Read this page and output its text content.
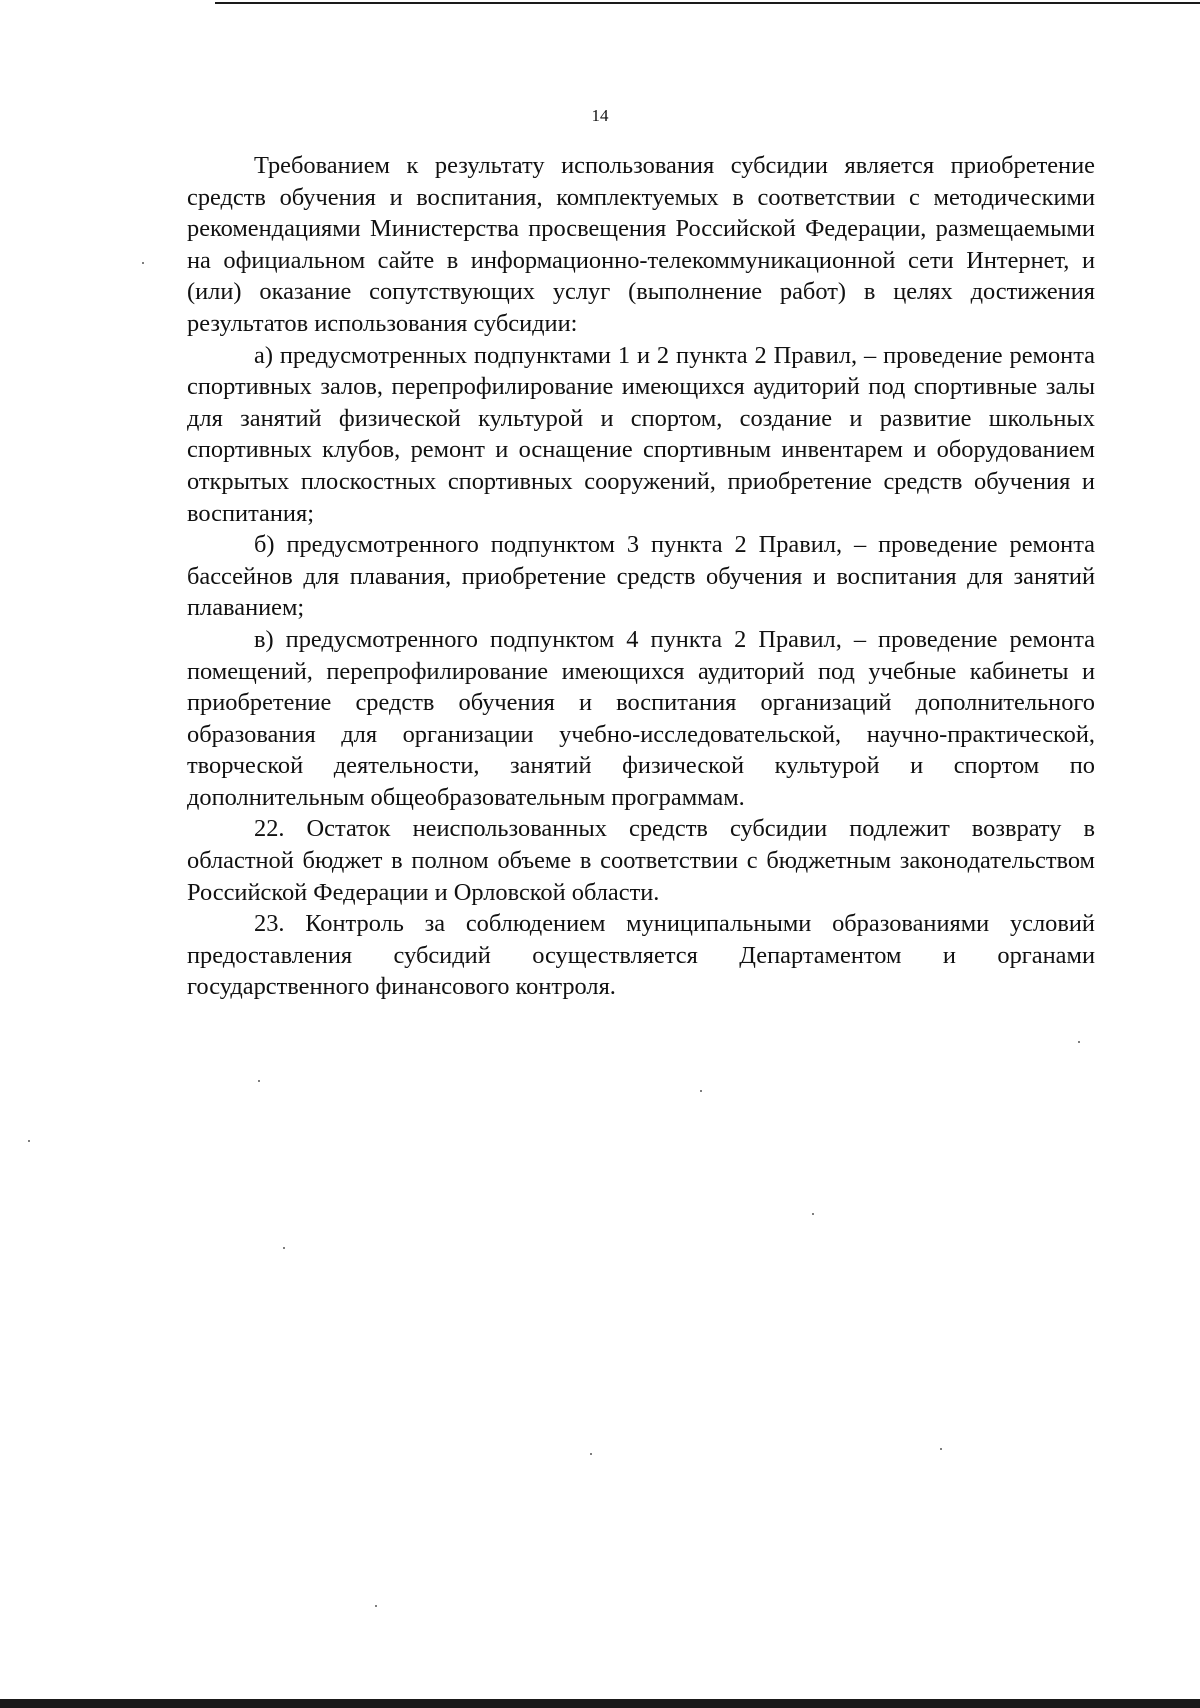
14

Требованием к результату использования субсидии является приобретение средств обучения и воспитания, комплектуемых в соответствии с методическими рекомендациями Министерства просвещения Российской Федерации, размещаемыми на официальном сайте в информационно-телекоммуникационной сети Интернет, и (или) оказание сопутствующих услуг (выполнение работ) в целях достижения результатов использования субсидии:

а) предусмотренных подпунктами 1 и 2 пункта 2 Правил, – проведение ремонта спортивных залов, перепрофилирование имеющихся аудиторий под спортивные залы для занятий физической культурой и спортом, создание и развитие школьных спортивных клубов, ремонт и оснащение спортивным инвентарем и оборудованием открытых плоскостных спортивных сооружений, приобретение средств обучения и воспитания;

б) предусмотренного подпунктом 3 пункта 2 Правил, – проведение ремонта бассейнов для плавания, приобретение средств обучения и воспитания для занятий плаванием;

в) предусмотренного подпунктом 4 пункта 2 Правил, – проведение ремонта помещений, перепрофилирование имеющихся аудиторий под учебные кабинеты и приобретение средств обучения и воспитания организаций дополнительного образования для организации учебно-исследовательской, научно-практической, творческой деятельности, занятий физической культурой и спортом по дополнительным общеобразовательным программам.

22. Остаток неиспользованных средств субсидии подлежит возврату в областной бюджет в полном объеме в соответствии с бюджетным законодательством Российской Федерации и Орловской области.

23. Контроль за соблюдением муниципальными образованиями условий предоставления субсидий осуществляется Департаментом и органами государственного финансового контроля.
